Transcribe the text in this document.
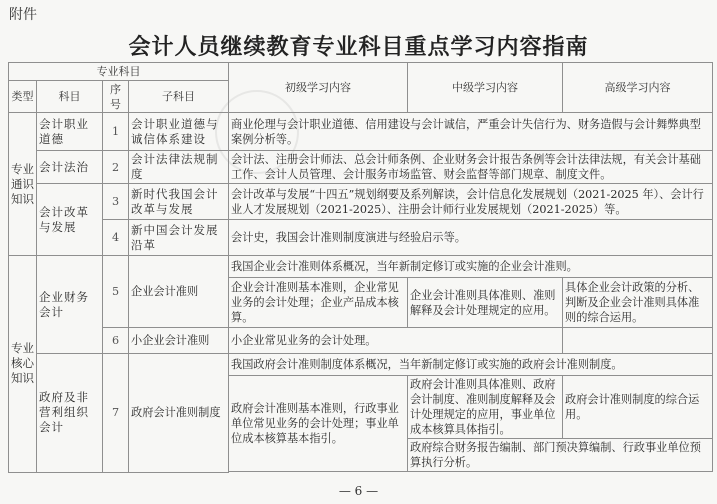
附件
会计人员继续教育专业科目重点学习内容指南
专业科目				初级学习内容	中级学习内容	高级学习内容
类型	科目	序号	子科目			
专业通识知识	会计职业道德	1	会计职业道德与诚信体系建设	商业伦理与会计职业道德、信用建设与会计诚信，严重会计失信行为、财务造假与会计舞弊典型案例分析等。		
	会计法治	2	会计法律法规制度	会计法、注册会计师法、总会计师条例、企业财务会计报告条例等会计法律法规，有关会计基础工作、会计人员管理、会计服务市场监管、财会监督等部门规章、制度文件。		
	会计改革与发展	3	新时代我国会计改革与发展	会计改革与发展“十四五”规划纲要及系列解读，会计信息化发展规划（2021-2025 年）、会计行业人才发展规划（2021-2025）、注册会计师行业发展规划（2021-2025）等。		
		4	新中国会计发展沿革	会计史，我国会计准则制度演进与经验启示等。		
专业核心知识	企业财务会计	5	企业会计准则	我国企业会计准则体系概况，当年新制定修订或实施的企业会计准则。		
				企业会计准则基本准则，企业常见业务的会计处理；企业产品成本核算。	企业会计准则具体准则、准则解释及会计处理规定的应用。	具体企业会计政策的分析、判断及企业会计准则具体准则的综合运用。
		6	小企业会计准则	小企业常见业务的会计处理。		
	政府及非营利组织会计	7	政府会计准则制度	我国政府会计准则制度体系概况，当年新制定修订或实施的政府会计准则制度。		
				政府会计准则基本准则，行政事业单位常见业务的会计处理；事业单位成本核算基本指引。	政府会计准则具体准则、政府会计制度、准则制度解释及会计处理规定的应用，事业单位成本核算具体指引。	政府会计准则制度的综合运用。
					政府综合财务报告编制、部门预决算编制、行政事业单位预算执行分析。	

— 6 —
